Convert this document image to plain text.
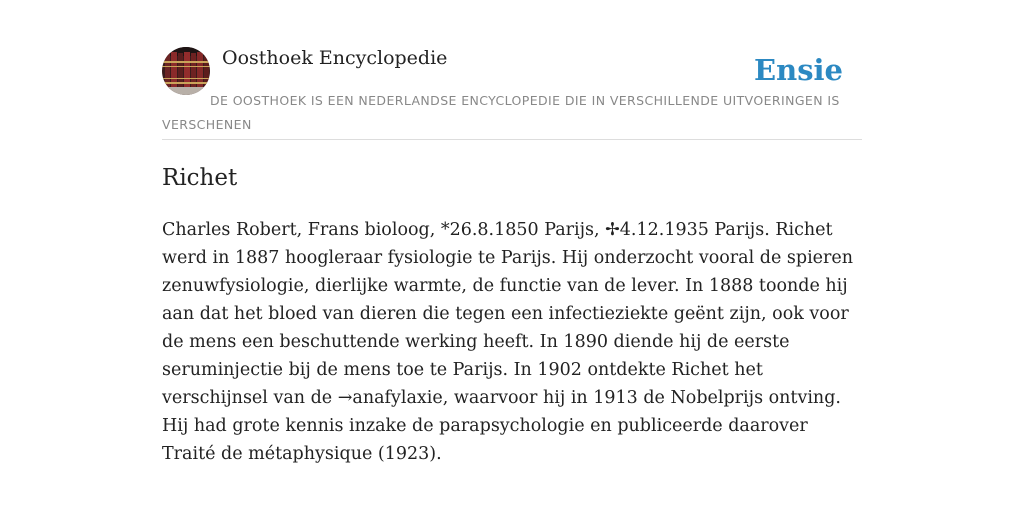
Oosthoek Encyclopedie	Ensie
DE OOSTHOEK IS EEN NEDERLANDSE ENCYCLOPEDIE DIE IN VERSCHILLENDE UITVOERINGEN IS VERSCHENEN
Richet

Charles Robert, Frans bioloog, *26.8.1850 Parijs, ✢4.12.1935 Parijs. Richet werd in 1887 hoogleraar fysiologie te Parijs. Hij onderzocht vooral de spieren zenuwfysiologie, dierlijke warmte, de functie van de lever. In 1888 toonde hij aan dat het bloed van dieren die tegen een infectieziekte geënt zijn, ook voor de mens een beschuttende werking heeft. In 1890 diende hij de eerste seruminjectie bij de mens toe te Parijs. In 1902 ontdekte Richet het verschijnsel van de →anafylaxie, waarvoor hij in 1913 de Nobelprijs ontving. Hij had grote kennis inzake de parapsychologie en publiceerde daarover Traité de métaphysique (1923).
